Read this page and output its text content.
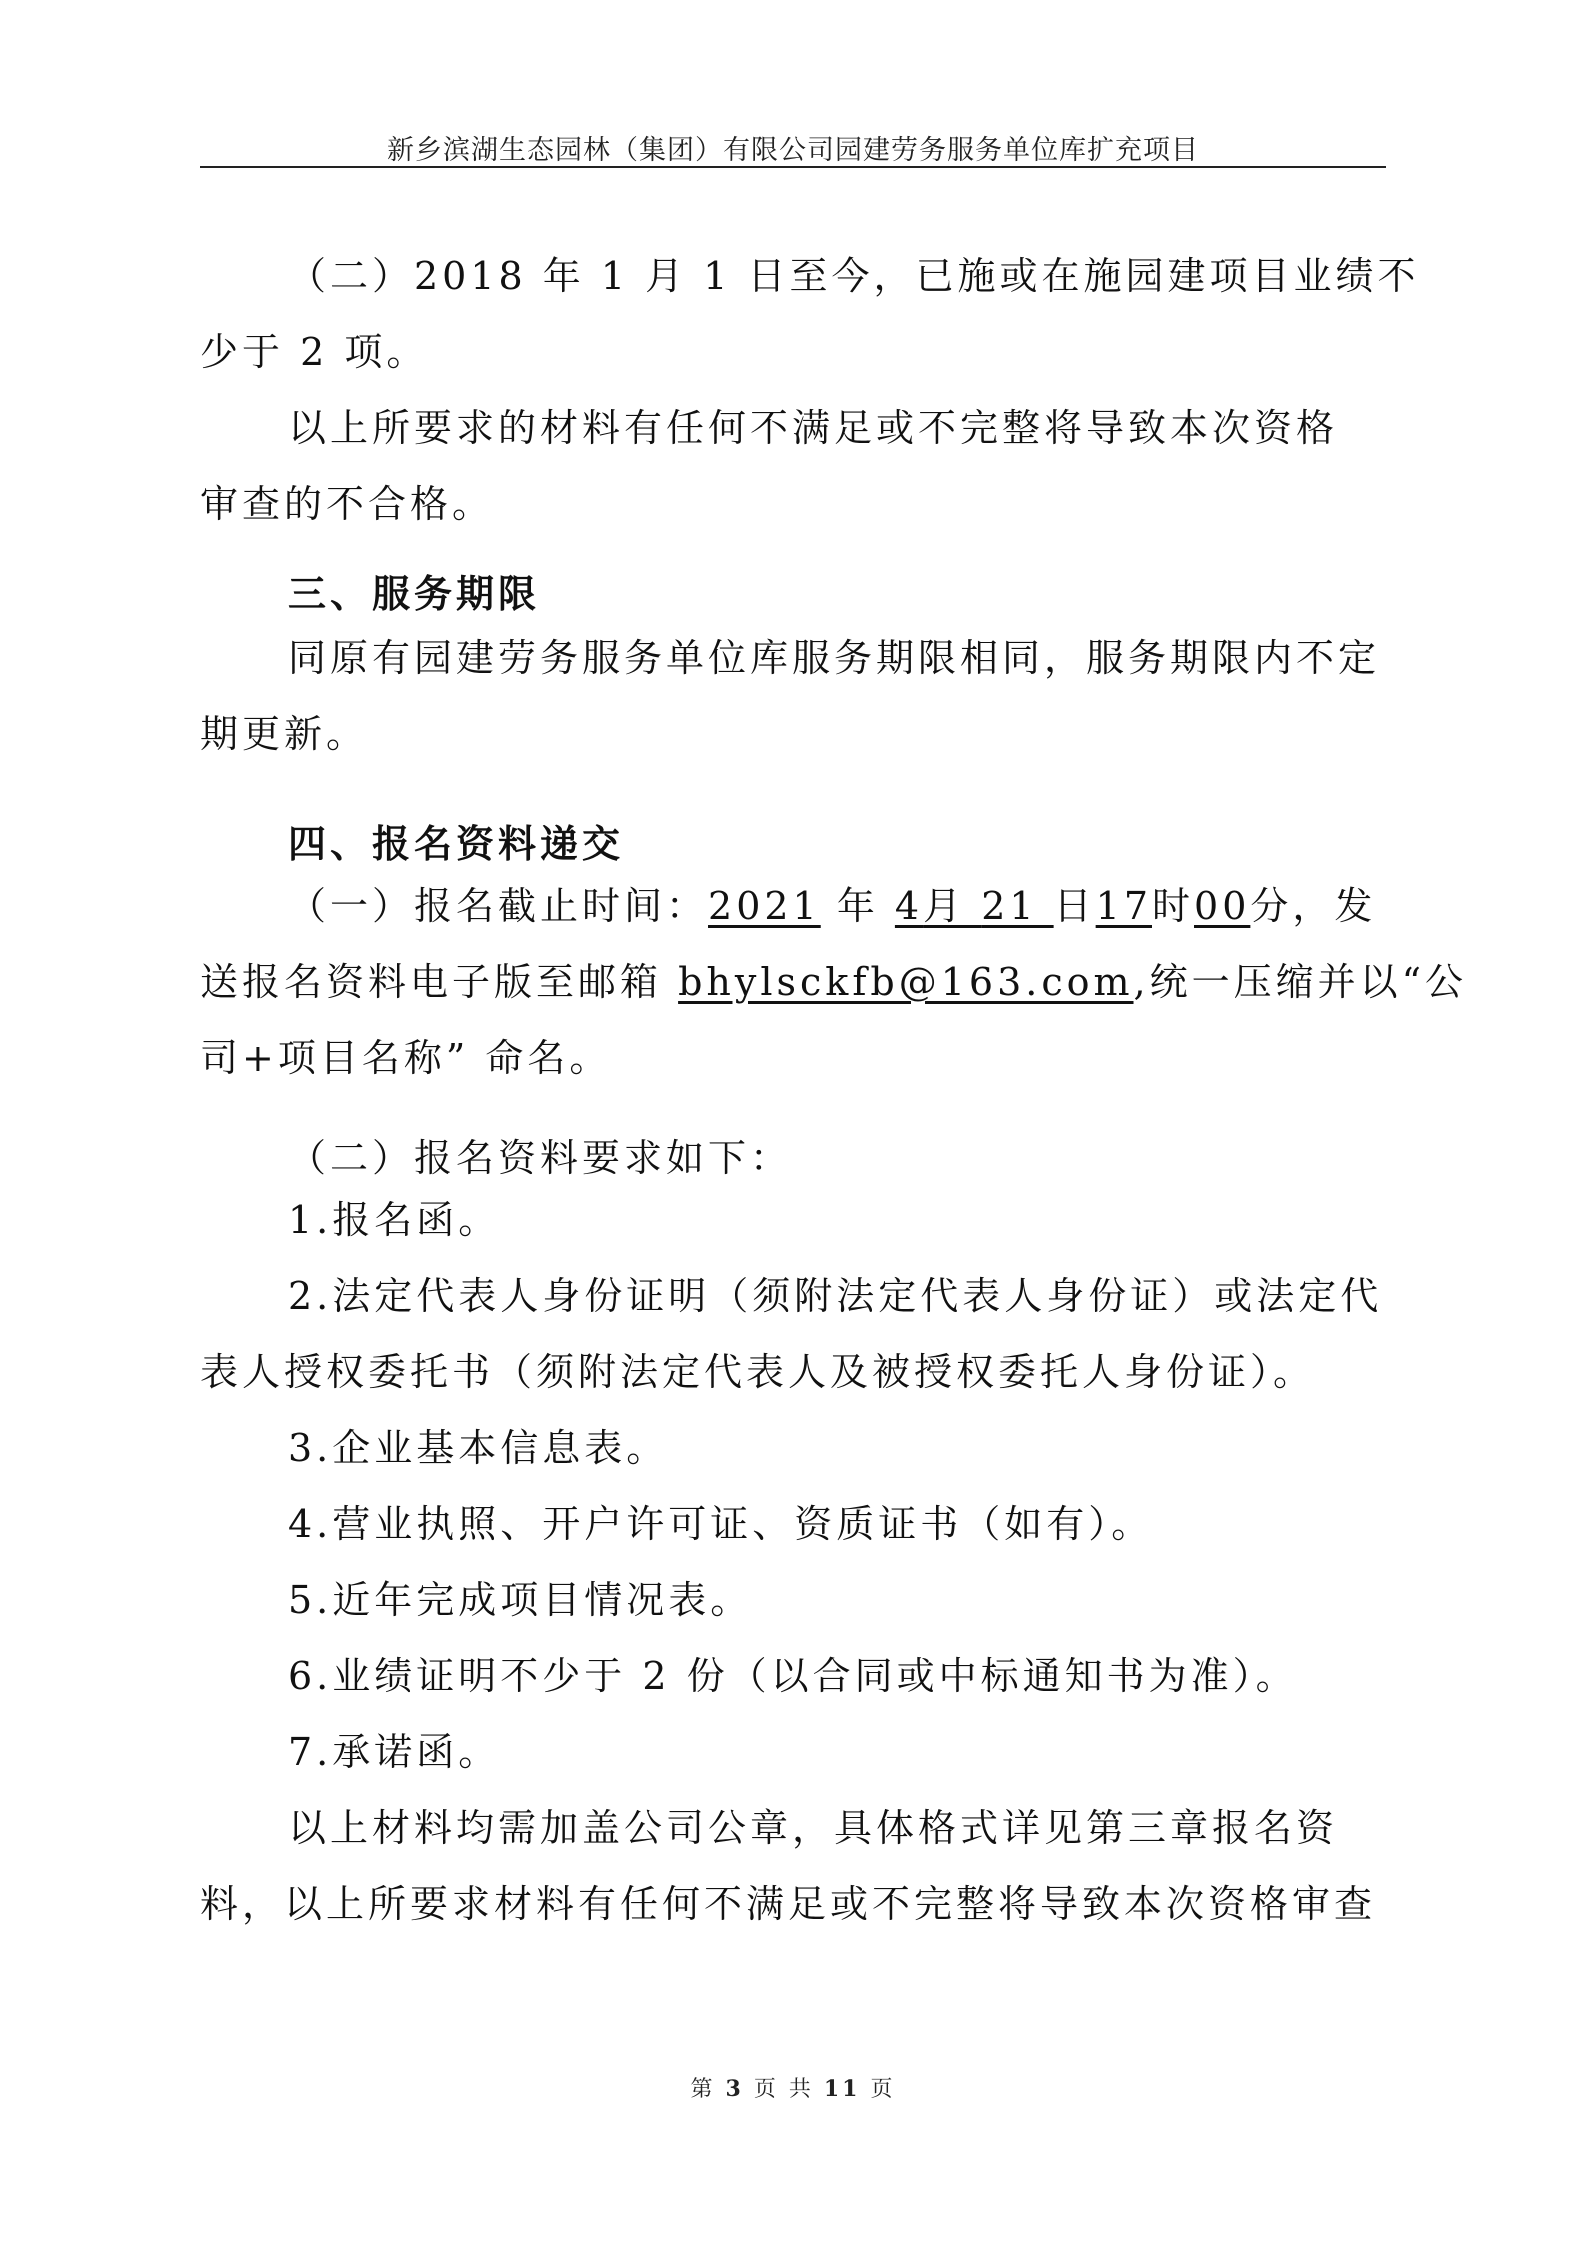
新乡滨湖生态园林（集团）有限公司园建劳务服务单位库扩充项目
（二）2018 年 1 月 1 日至今，已施或在施园建项目业绩不
少于 2 项。
以上所要求的材料有任何不满足或不完整将导致本次资格
审查的不合格。
三、服务期限
同原有园建劳务服务单位库服务期限相同，服务期限内不定
期更新。
四、报名资料递交
（一）报名截止时间：2021 年 4月 21 日17时00分，发
送报名资料电子版至邮箱 bhylsckfb@163.com,统一压缩并以“公
司+项目名称” 命名。
（二）报名资料要求如下：
1.报名函。
2.法定代表人身份证明（须附法定代表人身份证）或法定代
表人授权委托书（须附法定代表人及被授权委托人身份证）。
3.企业基本信息表。
4.营业执照、开户许可证、资质证书（如有）。
5.近年完成项目情况表。
6.业绩证明不少于 2 份（以合同或中标通知书为准）。
7.承诺函。
以上材料均需加盖公司公章，具体格式详见第三章报名资
料，以上所要求材料有任何不满足或不完整将导致本次资格审查
第 3 页 共 11 页
